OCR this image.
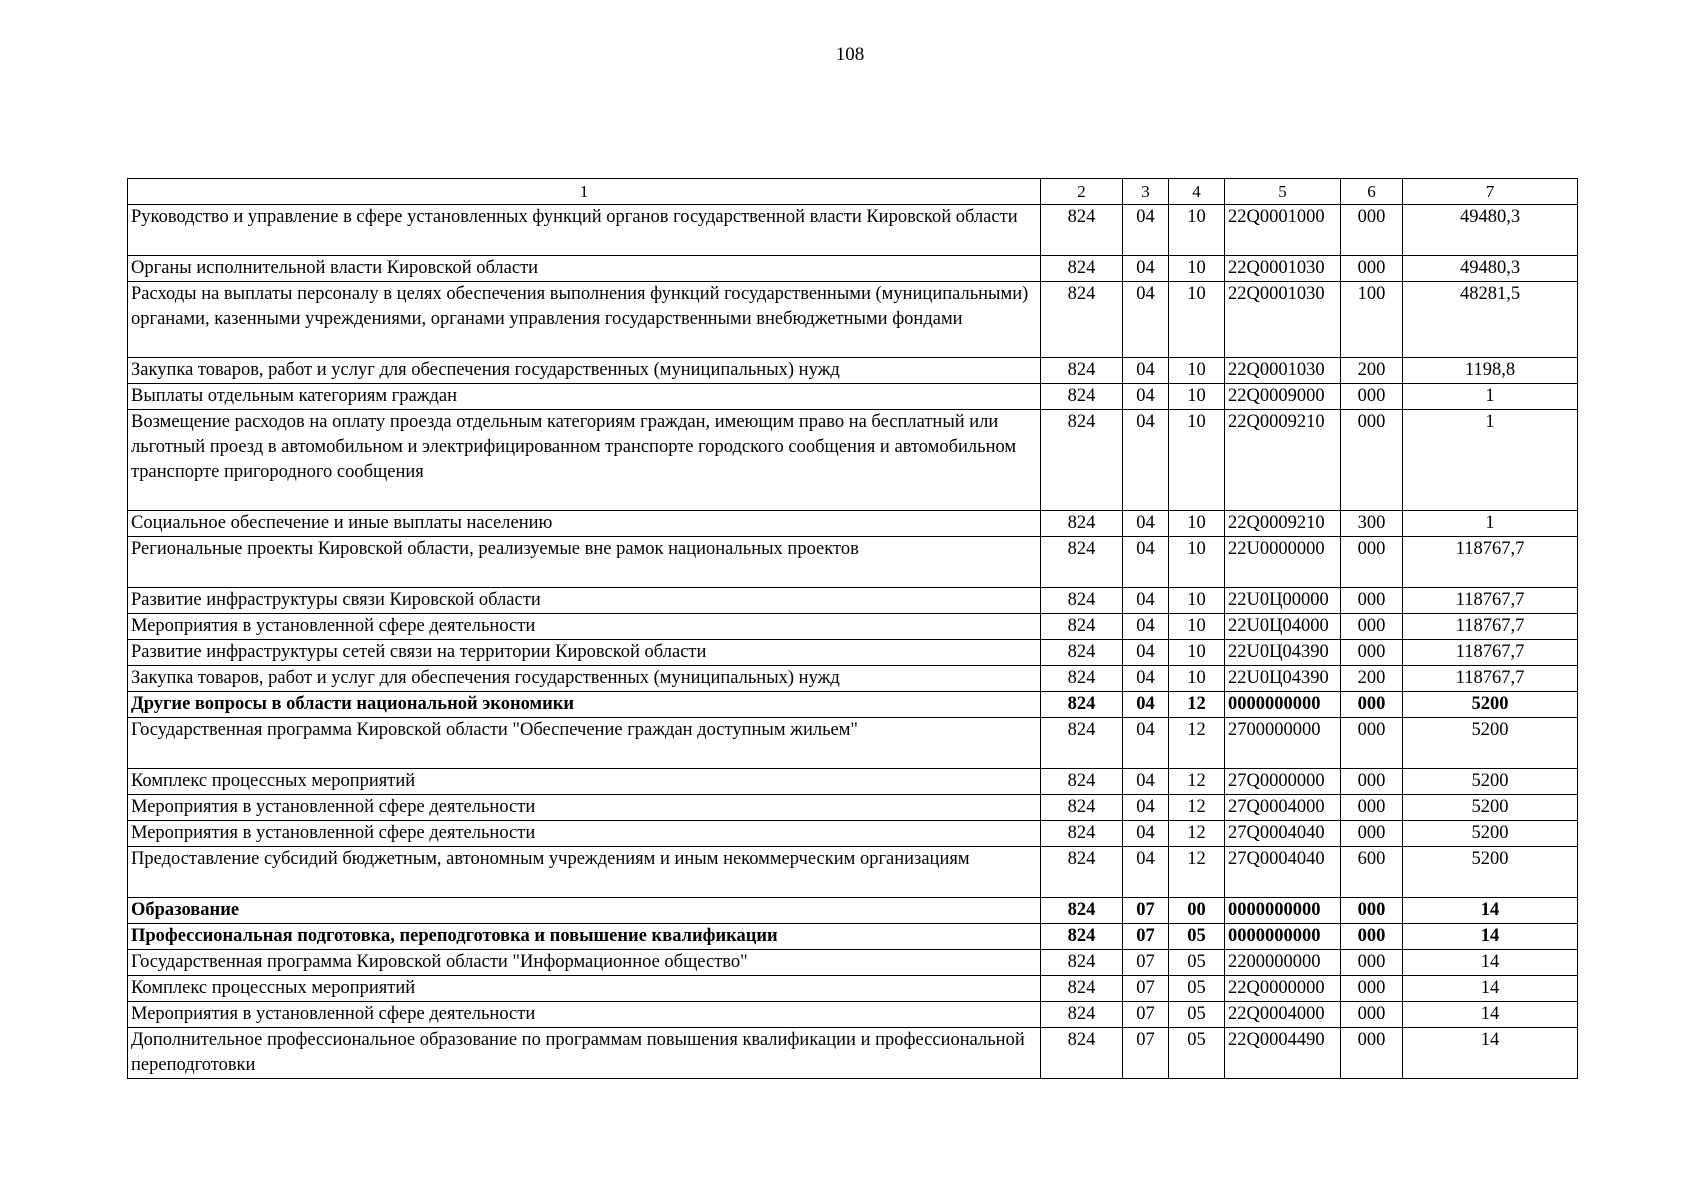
108
1	2	3	4	5	6	7
Руководство и управление в сфере установленных функций органов государственной власти Кировской области	824	04	10	22Q0001000	000	49480,3
Органы исполнительной власти Кировской области	824	04	10	22Q0001030	000	49480,3
Расходы на выплаты персоналу в целях обеспечения выполнения функций государственными (муниципальными) органами, казенными учреждениями, органами управления государственными внебюджетными фондами	824	04	10	22Q0001030	100	48281,5
Закупка товаров, работ и услуг для обеспечения государственных (муниципальных) нужд	824	04	10	22Q0001030	200	1198,8
Выплаты отдельным категориям граждан	824	04	10	22Q0009000	000	1
Возмещение расходов на оплату проезда отдельным категориям граждан, имеющим право на бесплатный или льготный проезд в автомобильном и электрифицированном транспорте городского сообщения и автомобильном транспорте пригородного сообщения	824	04	10	22Q0009210	000	1
Социальное обеспечение и иные выплаты населению	824	04	10	22Q0009210	300	1
Региональные проекты Кировской области, реализуемые вне рамок национальных проектов	824	04	10	22U0000000	000	118767,7
Развитие инфраструктуры связи Кировской области	824	04	10	22U0Ц00000	000	118767,7
Мероприятия в установленной сфере деятельности	824	04	10	22U0Ц04000	000	118767,7
Развитие инфраструктуры сетей связи на территории Кировской области	824	04	10	22U0Ц04390	000	118767,7
Закупка товаров, работ и услуг для обеспечения государственных (муниципальных) нужд	824	04	10	22U0Ц04390	200	118767,7
Другие вопросы в области национальной экономики	824	04	12	0000000000	000	5200
Государственная программа Кировской области "Обеспечение граждан доступным жильем"	824	04	12	2700000000	000	5200
Комплекс процессных мероприятий	824	04	12	27Q0000000	000	5200
Мероприятия в установленной сфере деятельности	824	04	12	27Q0004000	000	5200
Мероприятия в установленной сфере деятельности	824	04	12	27Q0004040	000	5200
Предоставление субсидий бюджетным, автономным учреждениям и иным некоммерческим организациям	824	04	12	27Q0004040	600	5200
Образование	824	07	00	0000000000	000	14
Профессиональная подготовка, переподготовка и повышение квалификации	824	07	05	0000000000	000	14
Государственная программа Кировской области "Информационное общество"	824	07	05	2200000000	000	14
Комплекс процессных мероприятий	824	07	05	22Q0000000	000	14
Мероприятия в установленной сфере деятельности	824	07	05	22Q0004000	000	14
Дополнительное профессиональное образование по программам повышения квалификации и профессиональной переподготовки	824	07	05	22Q0004490	000	14
